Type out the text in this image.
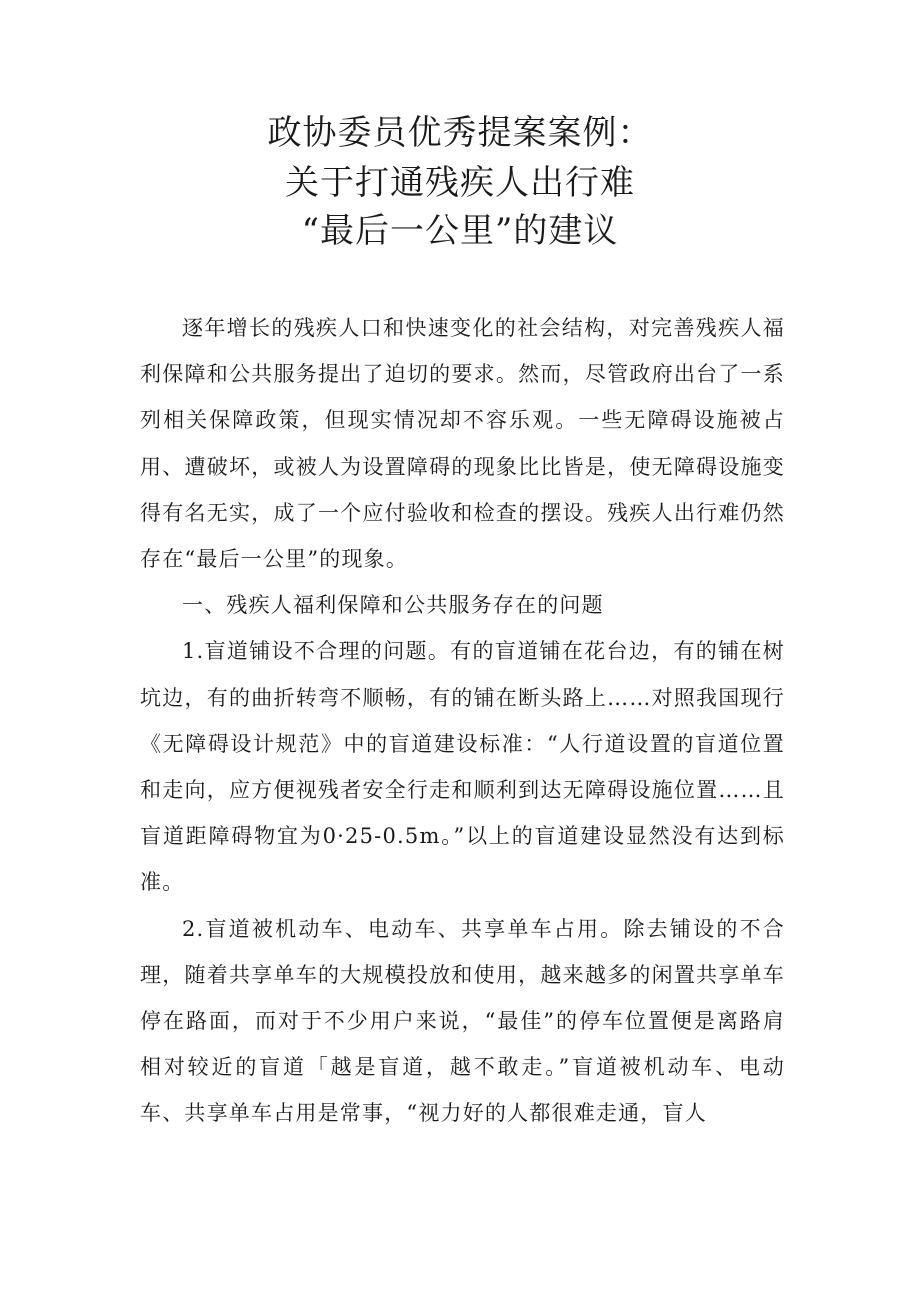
政协委员优秀提案案例：
关于打通残疾人出行难
“最后一公里”的建议

逐年增长的残疾人口和快速变化的社会结构，对完善残疾人福利保障和公共服务提出了迫切的要求。然而，尽管政府出台了一系列相关保障政策，但现实情况却不容乐观。一些无障碍设施被占用、遭破坏，或被人为设置障碍的现象比比皆是，使无障碍设施变得有名无实，成了一个应付验收和检查的摆设。残疾人出行难仍然存在“最后一公里”的现象。

一、残疾人福利保障和公共服务存在的问题

1.盲道铺设不合理的问题。有的盲道铺在花台边，有的铺在树坑边，有的曲折转弯不顺畅，有的铺在断头路上……对照我国现行《无障碍设计规范》中的盲道建设标准：“人行道设置的盲道位置和走向，应方便视残者安全行走和顺利到达无障碍设施位置……且盲道距障碍物宜为0·25-0.5m。”以上的盲道建设显然没有达到标准。

2.盲道被机动车、电动车、共享单车占用。除去铺设的不合理，随着共享单车的大规模投放和使用，越来越多的闲置共享单车停在路面，而对于不少用户来说，“最佳”的停车位置便是离路肩相对较近的盲道「越是盲道，越不敢走。”盲道被机动车、电动车、共享单车占用是常事，“视力好的人都很难走通，盲人
